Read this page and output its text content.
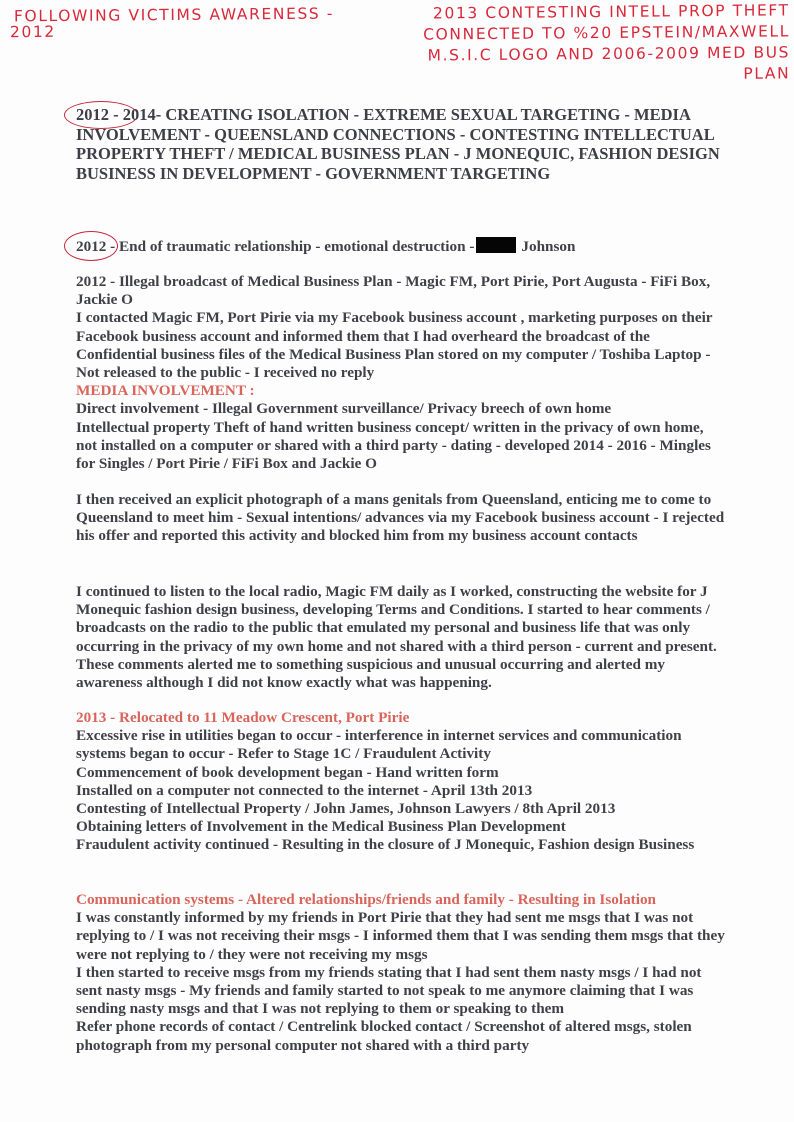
FOLLOWING VICTIMS AWARENESS -
2012
2013 CONTESTING INTELL PROP THEFT CONNECTED TO %20 EPSTEIN/MAXWELL M.S.I.C LOGO AND 2006-2009 MED BUS PLAN
2012 - 2014- CREATING ISOLATION - EXTREME SEXUAL TARGETING - MEDIA INVOLVEMENT - QUEENSLAND CONNECTIONS - CONTESTING INTELLECTUAL PROPERTY THEFT / MEDICAL BUSINESS PLAN - J MONEQUIC, FASHION DESIGN BUSINESS IN DEVELOPMENT - GOVERNMENT TARGETING
2012 - End of traumatic relationship - emotional destruction -	Johnson

2012 - Illegal broadcast of Medical Business Plan - Magic FM, Port Pirie, Port Augusta - FiFi Box, Jackie O

I contacted Magic FM, Port Pirie via my Facebook business account , marketing purposes on their Facebook business account and informed them that I had overheard the broadcast of the Confidential business files of the Medical Business Plan stored on my computer / Toshiba Laptop - Not released to the public - I received no reply

MEDIA INVOLVEMENT :

Direct involvement - Illegal Government surveillance/ Privacy breech of own home

Intellectual property Theft of hand written business concept/ written in the privacy of own home, not installed on a computer or shared with a third party - dating - developed 2014 - 2016 - Mingles for Singles / Port Pirie / FiFi Box and Jackie O

I then received an explicit photograph of a mans genitals from Queensland, enticing me to come to Queensland to meet him - Sexual intentions/ advances via my Facebook business account - I rejected his offer and reported this activity and blocked him from my business account contacts
I continued to listen to the local radio, Magic FM daily as I worked, constructing the website for J Monequic fashion design business, developing Terms and Conditions. I started to hear comments / broadcasts on the radio to the public that emulated my personal and business life that was only occurring in the privacy of my own home and not shared with a third person - current and present. These comments alerted me to something suspicious and unusual occurring and alerted my awareness although I did not know exactly what was happening.

2013 - Relocated to 11 Meadow Crescent, Port Pirie

Excessive rise in utilities began to occur - interference in internet services and communication systems began to occur - Refer to Stage 1C / Fraudulent Activity

Commencement of book development began - Hand written form

Installed on a computer not connected to the internet - April 13th 2013

Contesting of Intellectual Property / John James, Johnson Lawyers / 8th April 2013

Obtaining letters of Involvement in the Medical Business Plan Development

Fraudulent activity continued - Resulting in the closure of J Monequic, Fashion design Business

Communication systems - Altered relationships/friends and family - Resulting in Isolation

I was constantly informed by my friends in Port Pirie that they had sent me msgs that I was not replying to / I was not receiving their msgs - I informed them that I was sending them msgs that they were not replying to / they were not receiving my msgs

I then started to receive msgs from my friends stating that I had sent them nasty msgs / I had not sent nasty msgs - My friends and family started to not speak to me anymore claiming that I was sending nasty msgs and that I was not replying to them or speaking to them

Refer phone records of contact / Centrelink blocked contact / Screenshot of altered msgs, stolen photograph from my personal computer not shared with a third party
